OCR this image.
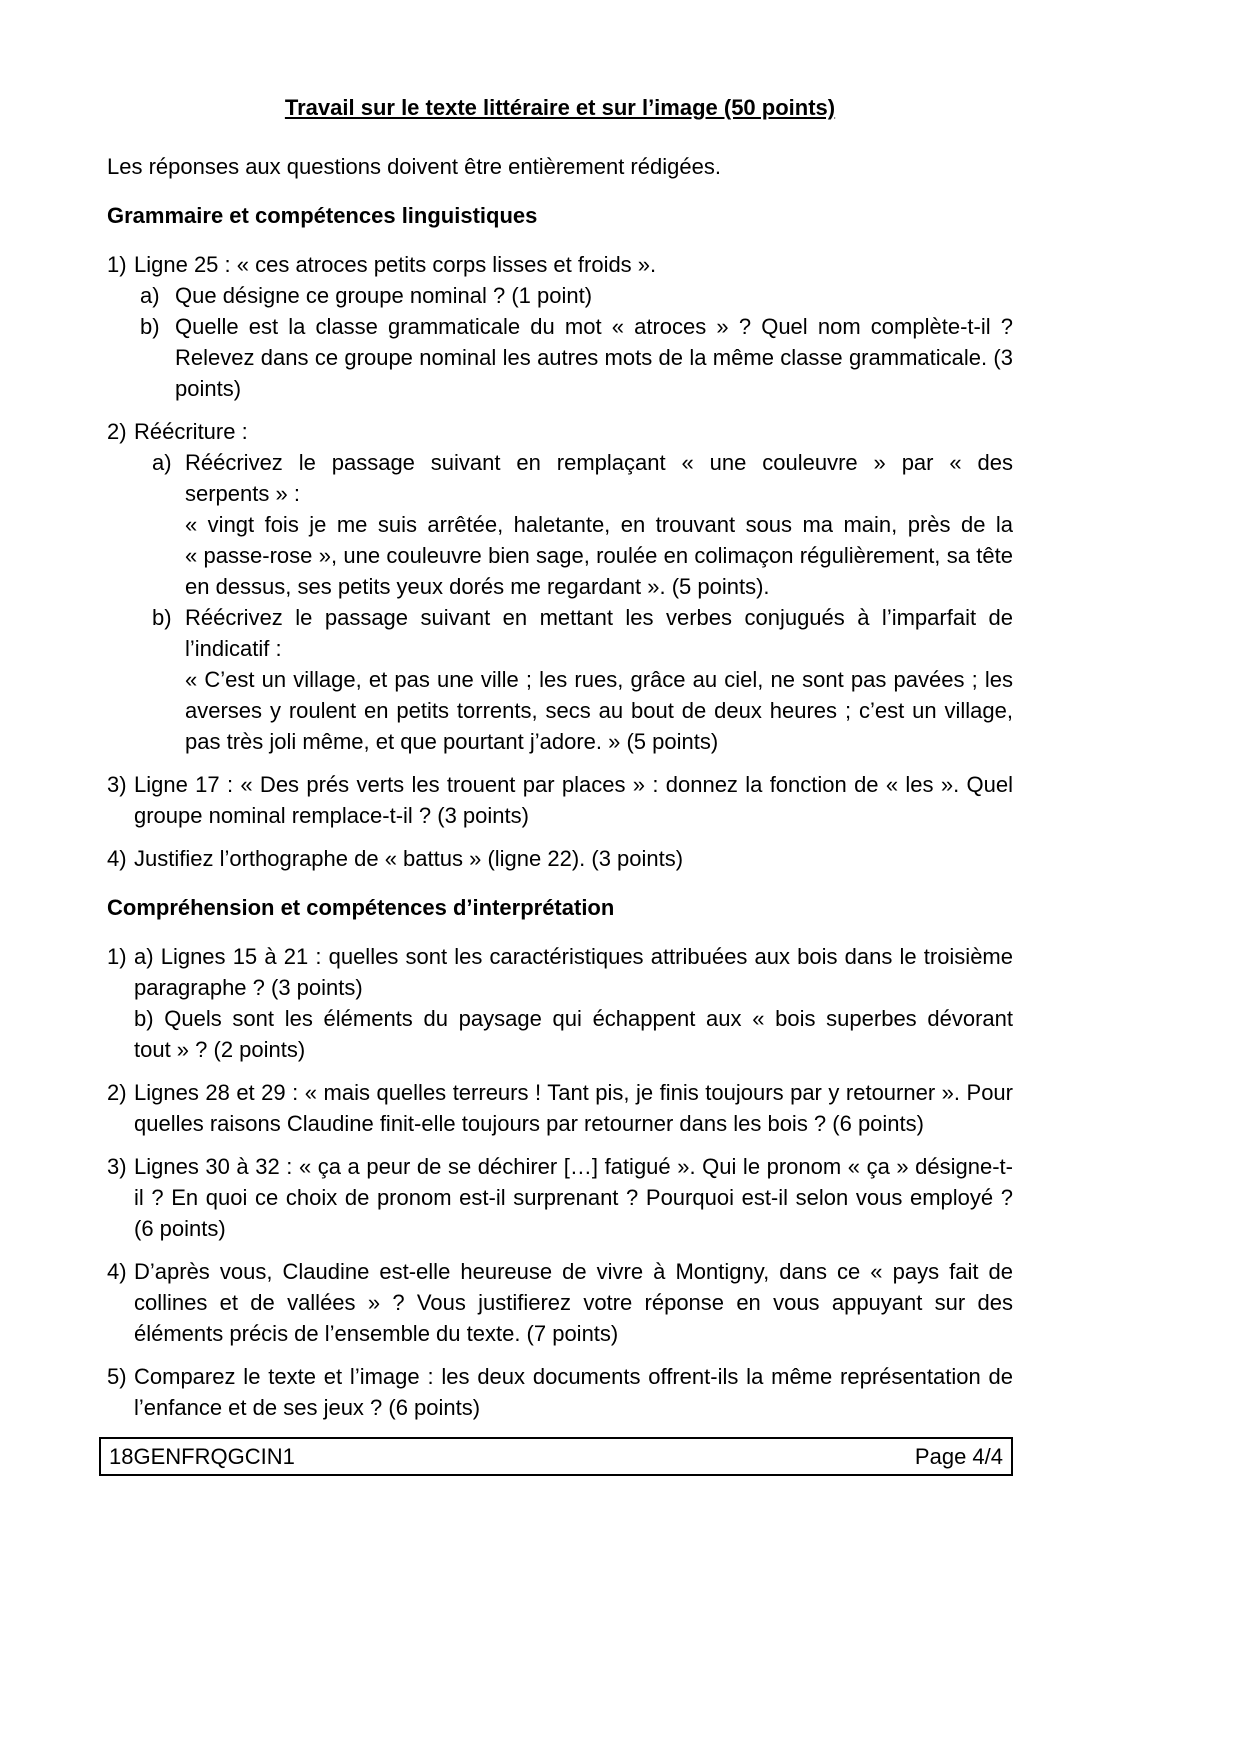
Travail sur le texte littéraire et sur l’image (50 points)

Les réponses aux questions doivent être entièrement rédigées.

Grammaire et compétences linguistiques
1) Ligne 25 : « ces atroces petits corps lisses et froids ».

a) Que désigne ce groupe nominal ? (1 point)

b) Quelle est la classe grammaticale du mot « atroces » ? Quel nom complète-t-il ? Relevez dans ce groupe nominal les autres mots de la même classe grammaticale. (3 points)

2) Réécriture :

a) Réécrivez le passage suivant en remplaçant « une couleuvre » par « des serpents » :

« vingt fois je me suis arrêtée, haletante, en trouvant sous ma main, près de la « passe-rose », une couleuvre bien sage, roulée en colimaçon régulièrement, sa tête en dessus, ses petits yeux dorés me regardant ». (5 points).

b) Réécrivez le passage suivant en mettant les verbes conjugués à l’imparfait de l’indicatif :

« C’est un village, et pas une ville ; les rues, grâce au ciel, ne sont pas pavées ; les averses y roulent en petits torrents, secs au bout de deux heures ; c’est un village, pas très joli même, et que pourtant j’adore. » (5 points)

3) Ligne 17 : « Des prés verts les trouent par places » : donnez la fonction de « les ». Quel groupe nominal remplace-t-il ? (3 points)

4) Justifiez l’orthographe de « battus » (ligne 22). (3 points)

Compréhension et compétences d’interprétation
1) a) Lignes 15 à 21 : quelles sont les caractéristiques attribuées aux bois dans le troisième paragraphe ? (3 points)

b) Quels sont les éléments du paysage qui échappent aux « bois superbes dévorant tout » ? (2 points)

2) Lignes 28 et 29 : « mais quelles terreurs ! Tant pis, je finis toujours par y retourner ». Pour quelles raisons Claudine finit-elle toujours par retourner dans les bois ? (6 points)

3) Lignes 30 à 32 : « ça a peur de se déchirer […] fatigué ». Qui le pronom « ça » désigne-t-il ? En quoi ce choix de pronom est-il surprenant ? Pourquoi est-il selon vous employé ? (6 points)

4) D’après vous, Claudine est-elle heureuse de vivre à Montigny, dans ce « pays fait de collines et de vallées » ? Vous justifierez votre réponse en vous appuyant sur des éléments précis de l’ensemble du texte. (7 points)

5) Comparez le texte et l’image : les deux documents offrent-ils la même représentation de l’enfance et de ses jeux ? (6 points)

18GENFRQGCIN1	Page 4/4
